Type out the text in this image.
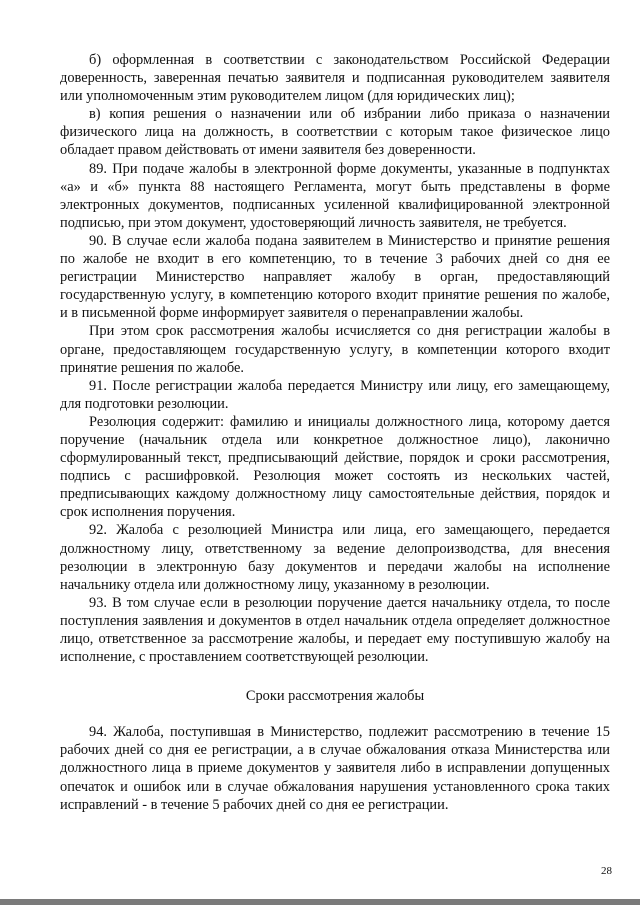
б) оформленная в соответствии с законодательством Российской Федерации доверенность, заверенная печатью заявителя и подписанная руководителем заявителя или уполномоченным этим руководителем лицом (для юридических лиц);

в) копия решения о назначении или об избрании либо приказа о назначении физического лица на должность, в соответствии с которым такое физическое лицо обладает правом действовать от имени заявителя без доверенности.

89. При подаче жалобы в электронной форме документы, указанные в подпунктах «а» и «б» пункта 88 настоящего Регламента, могут быть представлены в форме электронных документов, подписанных усиленной квалифицированной электронной подписью, при этом документ, удостоверяющий личность заявителя, не требуется.

90. В случае если жалоба подана заявителем в Министерство и принятие решения по жалобе не входит в его компетенцию, то в течение 3 рабочих дней со дня ее регистрации Министерство направляет жалобу в орган, предоставляющий государственную услугу, в компетенцию которого входит принятие решения по жалобе, и в письменной форме информирует заявителя о перенаправлении жалобы.

При этом срок рассмотрения жалобы исчисляется со дня регистрации жалобы в органе, предоставляющем государственную услугу, в компетенции которого входит принятие решения по жалобе.

91. После регистрации жалоба передается Министру или лицу, его замещающему, для подготовки резолюции.

Резолюция содержит: фамилию и инициалы должностного лица, которому дается поручение (начальник отдела или конкретное должностное лицо), лаконично сформулированный текст, предписывающий действие, порядок и сроки рассмотрения, подпись с расшифровкой. Резолюция может состоять из нескольких частей, предписывающих каждому должностному лицу самостоятельные действия, порядок и срок исполнения поручения.

92. Жалоба с резолюцией Министра или лица, его замещающего, передается должностному лицу, ответственному за ведение делопроизводства, для внесения резолюции в электронную базу документов и передачи жалобы на исполнение начальнику отдела или должностному лицу, указанному в резолюции.

93. В том случае если в резолюции поручение дается начальнику отдела, то после поступления заявления и документов в отдел начальник отдела определяет должностное лицо, ответственное за рассмотрение жалобы, и передает ему поступившую жалобу на исполнение, с проставлением соответствующей резолюции.

Сроки рассмотрения жалобы

94. Жалоба, поступившая в Министерство, подлежит рассмотрению в течение 15 рабочих дней со дня ее регистрации, а в случае обжалования отказа Министерства или должностного лица в приеме документов у заявителя либо в исправлении допущенных опечаток и ошибок или в случае обжалования нарушения установленного срока таких исправлений - в течение 5 рабочих дней со дня ее регистрации.

28
